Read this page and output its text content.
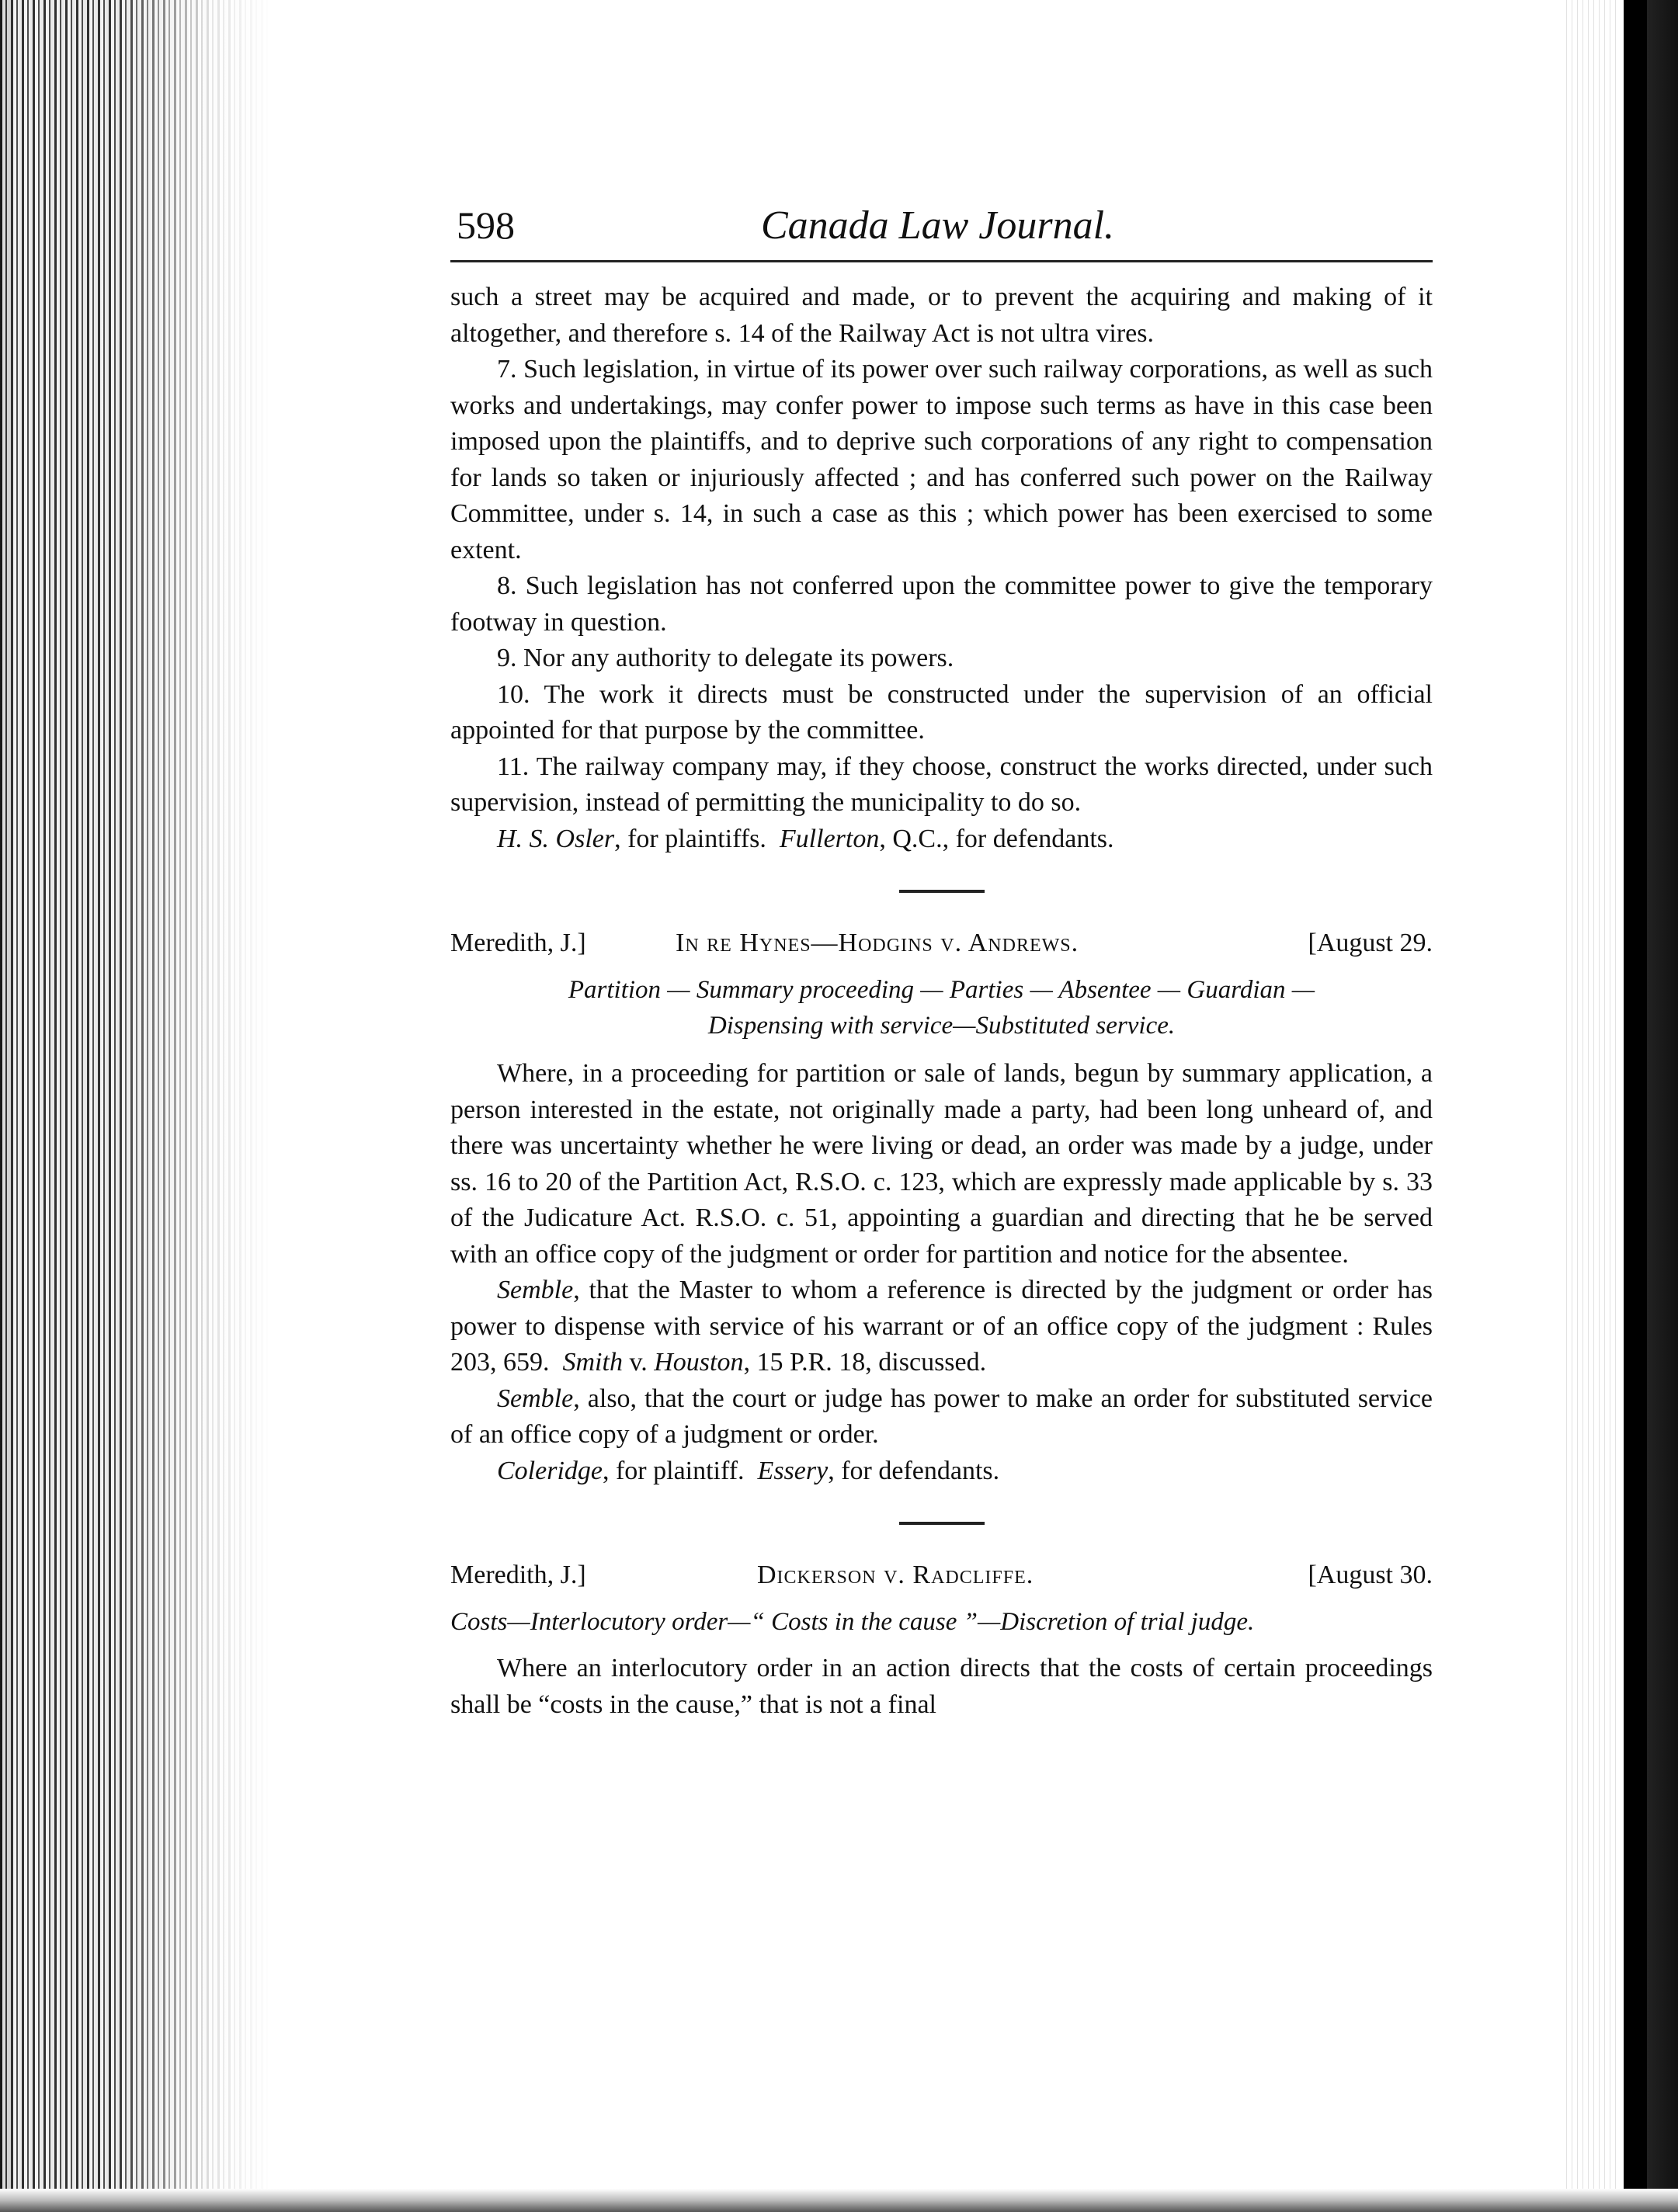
598	Canada Law Journal.

such a street may be acquired and made, or to prevent the acquiring and making of it altogether, and therefore s. 14 of the Railway Act is not ultra vires.

7. Such legislation, in virtue of its power over such railway corporations, as well as such works and undertakings, may confer power to impose such terms as have in this case been imposed upon the plaintiffs, and to deprive such corporations of any right to compensation for lands so taken or injuriously affected ; and has conferred such power on the Railway Committee, under s. 14, in such a case as this ; which power has been exercised to some extent.

8. Such legislation has not conferred upon the committee power to give the temporary footway in question.

9. Nor any authority to delegate its powers.

10. The work it directs must be constructed under the supervision of an official appointed for that purpose by the committee.

11. The railway company may, if they choose, construct the works directed, under such supervision, instead of permitting the municipality to do so.

H. S. Osler, for plaintiffs. Fullerton, Q.C., for defendants.

Meredith, J.]	In re Hynes—Hodgins v. Andrews.	[August 29.
Partition — Summary proceeding — Parties — Absentee — Guardian —
Dispensing with service—Substituted service.

Where, in a proceeding for partition or sale of lands, begun by summary application, a person interested in the estate, not originally made a party, had been long unheard of, and there was uncertainty whether he were living or dead, an order was made by a judge, under ss. 16 to 20 of the Partition Act, R.S.O. c. 123, which are expressly made applicable by s. 33 of the Judicature Act. R.S.O. c. 51, appointing a guardian and directing that he be served with an office copy of the judgment or order for partition and notice for the absentee.

Semble, that the Master to whom a reference is directed by the judgment or order has power to dispense with service of his warrant or of an office copy of the judgment : Rules 203, 659. Smith v. Houston, 15 P.R. 18, discussed.

Semble, also, that the court or judge has power to make an order for substituted service of an office copy of a judgment or order.

Coleridge, for plaintiff. Essery, for defendants.

Meredith, J.]	Dickerson v. Radcliffe.	[August 30.
Costs—Interlocutory order—“ Costs in the cause ”—Discretion of trial judge.

Where an interlocutory order in an action directs that the costs of certain proceedings shall be “costs in the cause,” that is not a final
